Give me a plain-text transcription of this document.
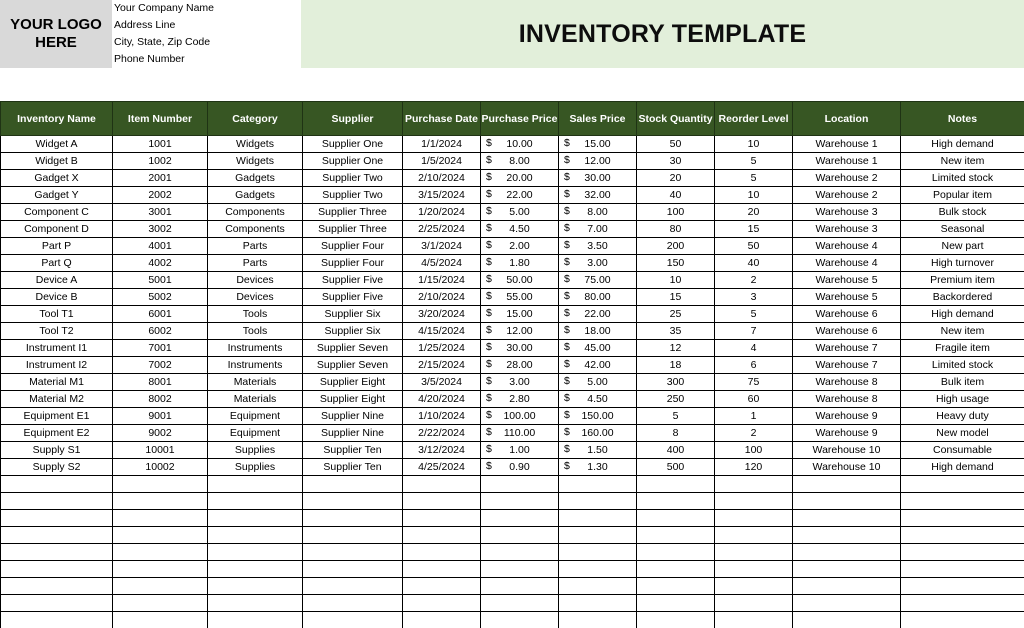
YOUR LOGO
HERE
Your Company Name
Address Line
City, State, Zip Code
Phone Number
INVENTORY TEMPLATE
Inventory Name	Item Number	Category	Supplier	Purchase Date	Purchase Price	Sales Price	Stock Quantity	Reorder Level	Location	Notes
Widget A	1001	Widgets	Supplier One	1/1/2024	$ 10.00	$ 15.00	50	10	Warehouse 1	High demand
Widget B	1002	Widgets	Supplier One	1/5/2024	$ 8.00	$ 12.00	30	5	Warehouse 1	New item
Gadget X	2001	Gadgets	Supplier Two	2/10/2024	$ 20.00	$ 30.00	20	5	Warehouse 2	Limited stock
Gadget Y	2002	Gadgets	Supplier Two	3/15/2024	$ 22.00	$ 32.00	40	10	Warehouse 2	Popular item
Component C	3001	Components	Supplier Three	1/20/2024	$ 5.00	$ 8.00	100	20	Warehouse 3	Bulk stock
Component D	3002	Components	Supplier Three	2/25/2024	$ 4.50	$ 7.00	80	15	Warehouse 3	Seasonal
Part P	4001	Parts	Supplier Four	3/1/2024	$ 2.00	$ 3.50	200	50	Warehouse 4	New part
Part Q	4002	Parts	Supplier Four	4/5/2024	$ 1.80	$ 3.00	150	40	Warehouse 4	High turnover
Device A	5001	Devices	Supplier Five	1/15/2024	$ 50.00	$ 75.00	10	2	Warehouse 5	Premium item
Device B	5002	Devices	Supplier Five	2/10/2024	$ 55.00	$ 80.00	15	3	Warehouse 5	Backordered
Tool T1	6001	Tools	Supplier Six	3/20/2024	$ 15.00	$ 22.00	25	5	Warehouse 6	High demand
Tool T2	6002	Tools	Supplier Six	4/15/2024	$ 12.00	$ 18.00	35	7	Warehouse 6	New item
Instrument I1	7001	Instruments	Supplier Seven	1/25/2024	$ 30.00	$ 45.00	12	4	Warehouse 7	Fragile item
Instrument I2	7002	Instruments	Supplier Seven	2/15/2024	$ 28.00	$ 42.00	18	6	Warehouse 7	Limited stock
Material M1	8001	Materials	Supplier Eight	3/5/2024	$ 3.00	$ 5.00	300	75	Warehouse 8	Bulk item
Material M2	8002	Materials	Supplier Eight	4/20/2024	$ 2.80	$ 4.50	250	60	Warehouse 8	High usage
Equipment E1	9001	Equipment	Supplier Nine	1/10/2024	$ 100.00	$ 150.00	5	1	Warehouse 9	Heavy duty
Equipment E2	9002	Equipment	Supplier Nine	2/22/2024	$ 110.00	$ 160.00	8	2	Warehouse 9	New model
Supply S1	10001	Supplies	Supplier Ten	3/12/2024	$ 1.00	$ 1.50	400	100	Warehouse 10	Consumable
Supply S2	10002	Supplies	Supplier Ten	4/25/2024	$ 0.90	$ 1.30	500	120	Warehouse 10	High demand
